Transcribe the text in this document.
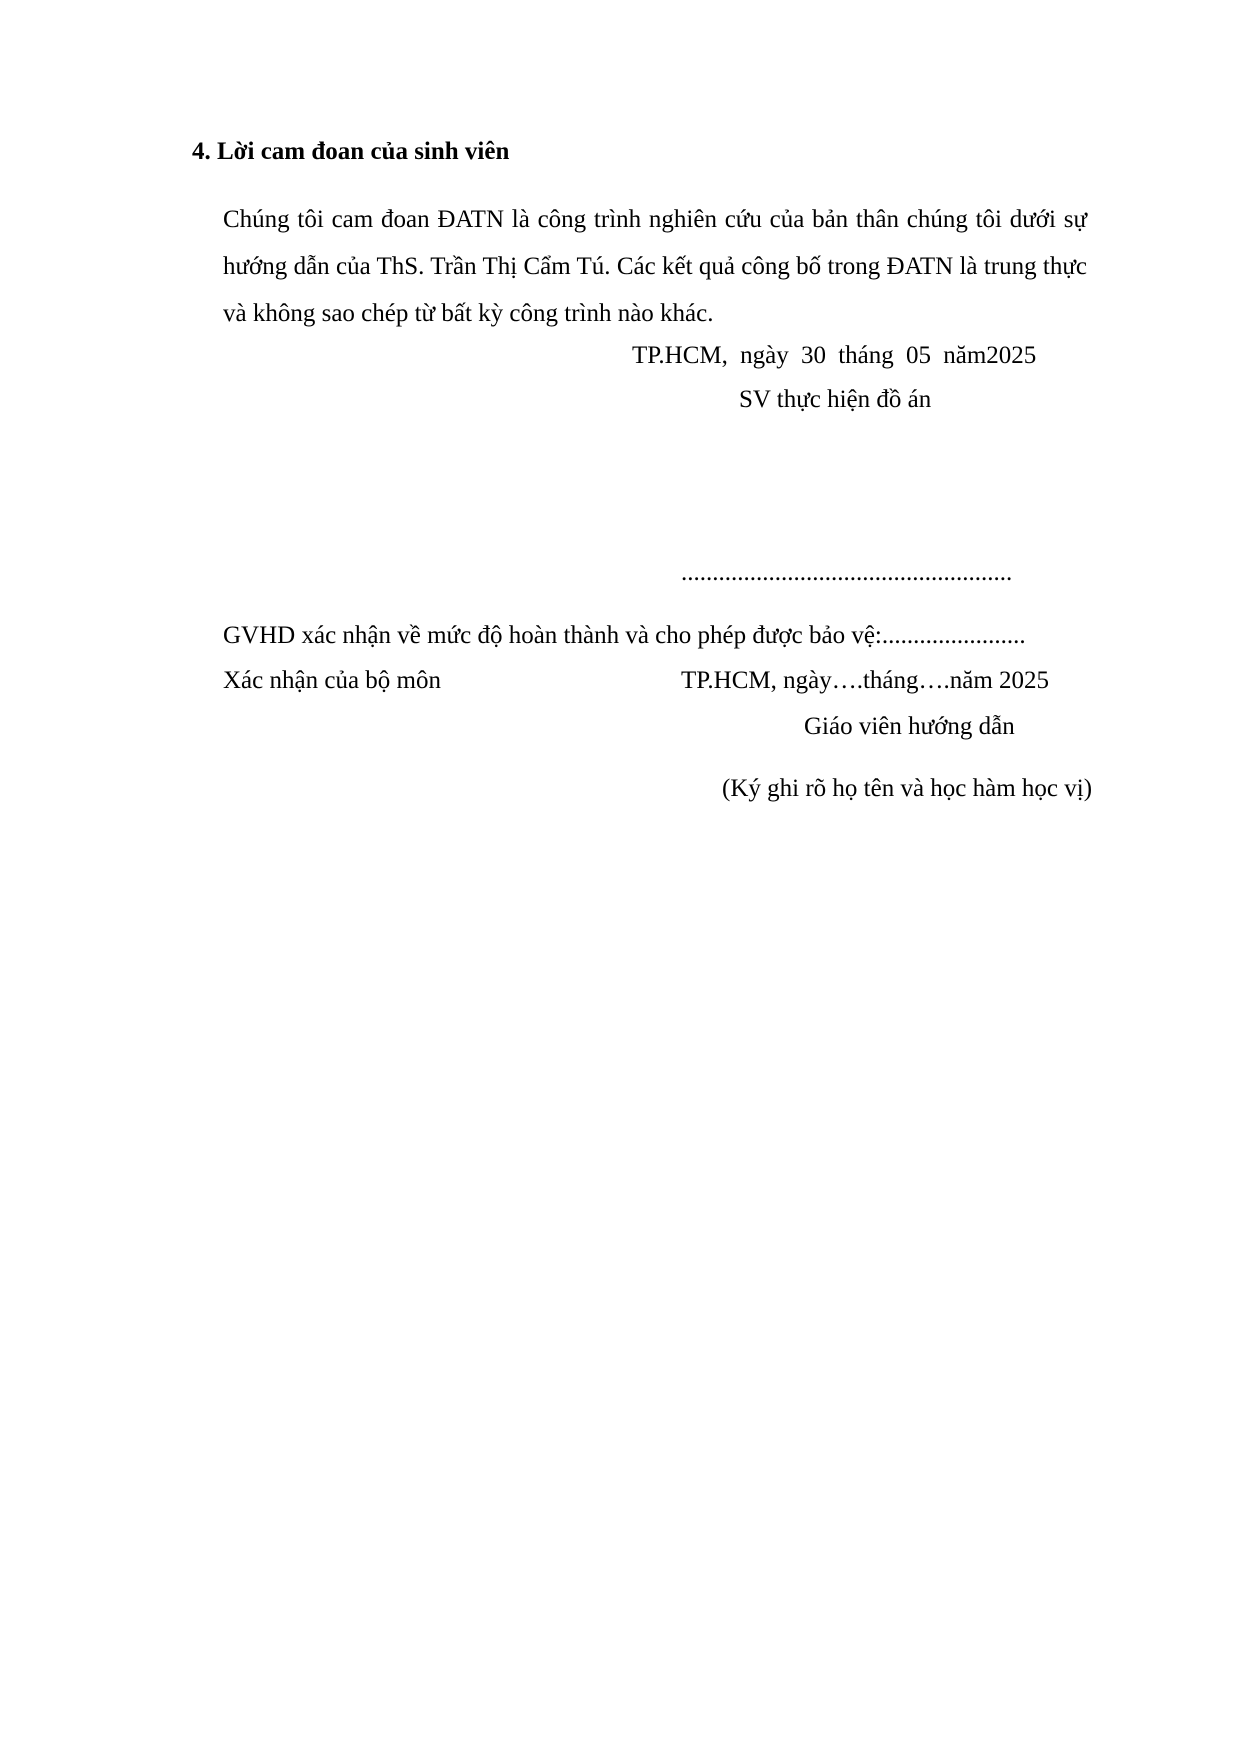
4. Lời cam đoan của sinh viên
Chúng tôi cam đoan ĐATN là công trình nghiên cứu của bản thân chúng tôi dưới sự hướng dẫn của ThS. Trần Thị Cẩm Tú. Các kết quả công bố trong ĐATN là trung thực và không sao chép từ bất kỳ công trình nào khác.
TP.HCM, ngày 30 tháng 05 năm2025
SV thực hiện đồ án
.....................................................
GVHD xác nhận về mức độ hoàn thành và cho phép được bảo vệ:.......................
Xác nhận của bộ môn	TP.HCM, ngày….tháng….năm 2025
Giáo viên hướng dẫn
(Ký ghi rõ họ tên và học hàm học vị)
